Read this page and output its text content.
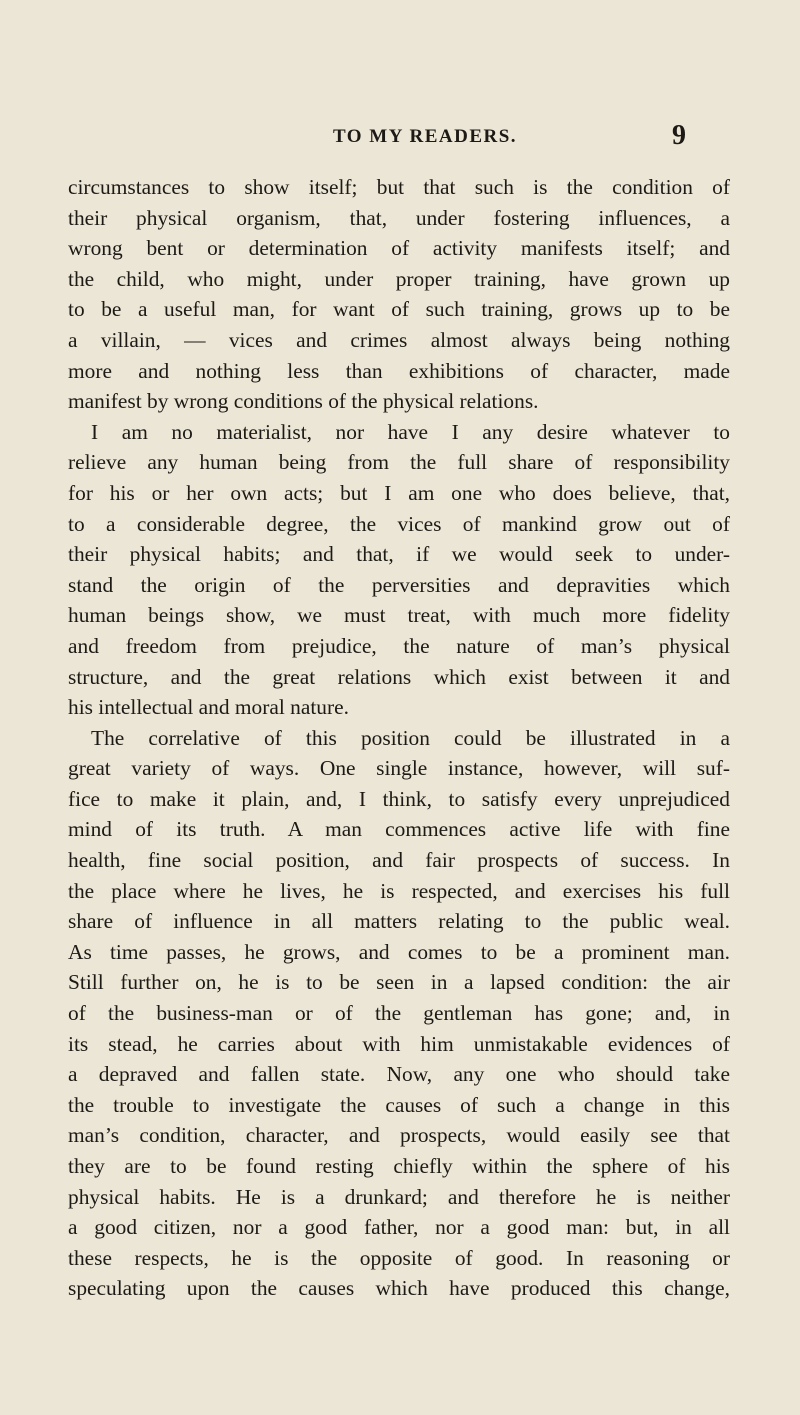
TO MY READERS.	9
circumstances to show itself; but that such is the condition of
their physical organism, that, under fostering influences, a
wrong bent or determination of activity manifests itself; and
the child, who might, under proper training, have grown up
to be a useful man, for want of such training, grows up to be
a villain, — vices and crimes almost always being nothing
more and nothing less than exhibitions of character, made
manifest by wrong conditions of the physical relations.
I am no materialist, nor have I any desire whatever to
relieve any human being from the full share of responsibility
for his or her own acts; but I am one who does believe, that,
to a considerable degree, the vices of mankind grow out of
their physical habits; and that, if we would seek to under-
stand the origin of the perversities and depravities which
human beings show, we must treat, with much more fidelity
and freedom from prejudice, the nature of man’s physical
structure, and the great relations which exist between it and
his intellectual and moral nature.
The correlative of this position could be illustrated in a
great variety of ways. One single instance, however, will suf-
fice to make it plain, and, I think, to satisfy every unprejudiced
mind of its truth. A man commences active life with fine
health, fine social position, and fair prospects of success. In
the place where he lives, he is respected, and exercises his full
share of influence in all matters relating to the public weal.
As time passes, he grows, and comes to be a prominent man.
Still further on, he is to be seen in a lapsed condition: the air
of the business-man or of the gentleman has gone; and, in
its stead, he carries about with him unmistakable evidences of
a depraved and fallen state. Now, any one who should take
the trouble to investigate the causes of such a change in this
man’s condition, character, and prospects, would easily see that
they are to be found resting chiefly within the sphere of his
physical habits. He is a drunkard; and therefore he is neither
a good citizen, nor a good father, nor a good man: but, in all
these respects, he is the opposite of good. In reasoning or
speculating upon the causes which have produced this change,
